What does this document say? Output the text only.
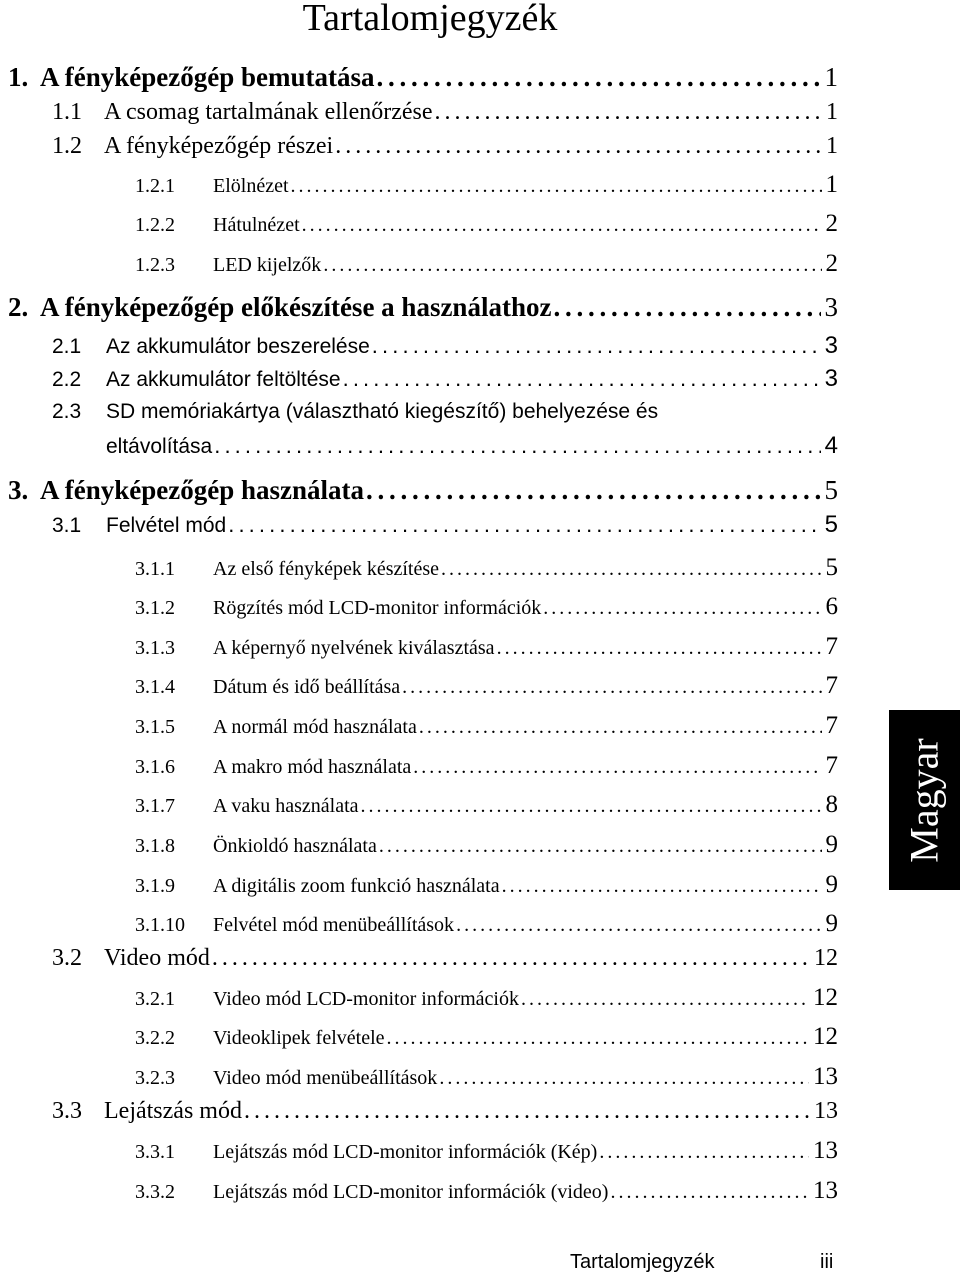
Tartalomjegyzék
1. A fényképezőgép bemutatása . . .	1
1.1 A csomag tartalmának ellenőrzése . . .	1
1.2 A fényképezőgép részei . . .	1
1.2.1	Elölnézet . . .	1
1.2.2	Hátulnézet . . .	2
1.2.3	LED kijelzők . . .	2
2. A fényképezőgép előkészítése a használathoz . . .	3
2.1	Az akkumulátor beszerelése . . .	3
2.2	Az akkumulátor feltöltése . . .	3
2.3	SD memóriakártya (választható kiegészítő) behelyezése és
eltávolítása . . .	4
3. A fényképezőgép használata . . .	5
3.1	Felvétel mód . . .	5
3.1.1	Az első fényképek készítése . . .	5
3.1.2	Rögzítés mód LCD-monitor információk . . .	6
3.1.3	A képernyő nyelvének kiválasztása . . .	7
3.1.4	Dátum és idő beállítása . . .	7
3.1.5	A normál mód használata . . .	7
3.1.6	A makro mód használata . . .	7
3.1.7	A vaku használata . . .	8
3.1.8	Önkioldó használata . . .	9
3.1.9	A digitális zoom funkció használata . . .	9
3.1.10	Felvétel mód menübeállítások . . .	9
3.2 Video mód . . .	12
3.2.1	Video mód LCD-monitor információk . . .	12
3.2.2	Videoklipek felvétele . . .	12
3.2.3	Video mód menübeállítások . . .	13
3.3 Lejátszás mód . . .	13
3.3.1	Lejátszás mód LCD-monitor információk (Kép) . . .	13
3.3.2	Lejátszás mód LCD-monitor információk (video) . . .	13
Magyar
Tartalomjegyzék	iii
